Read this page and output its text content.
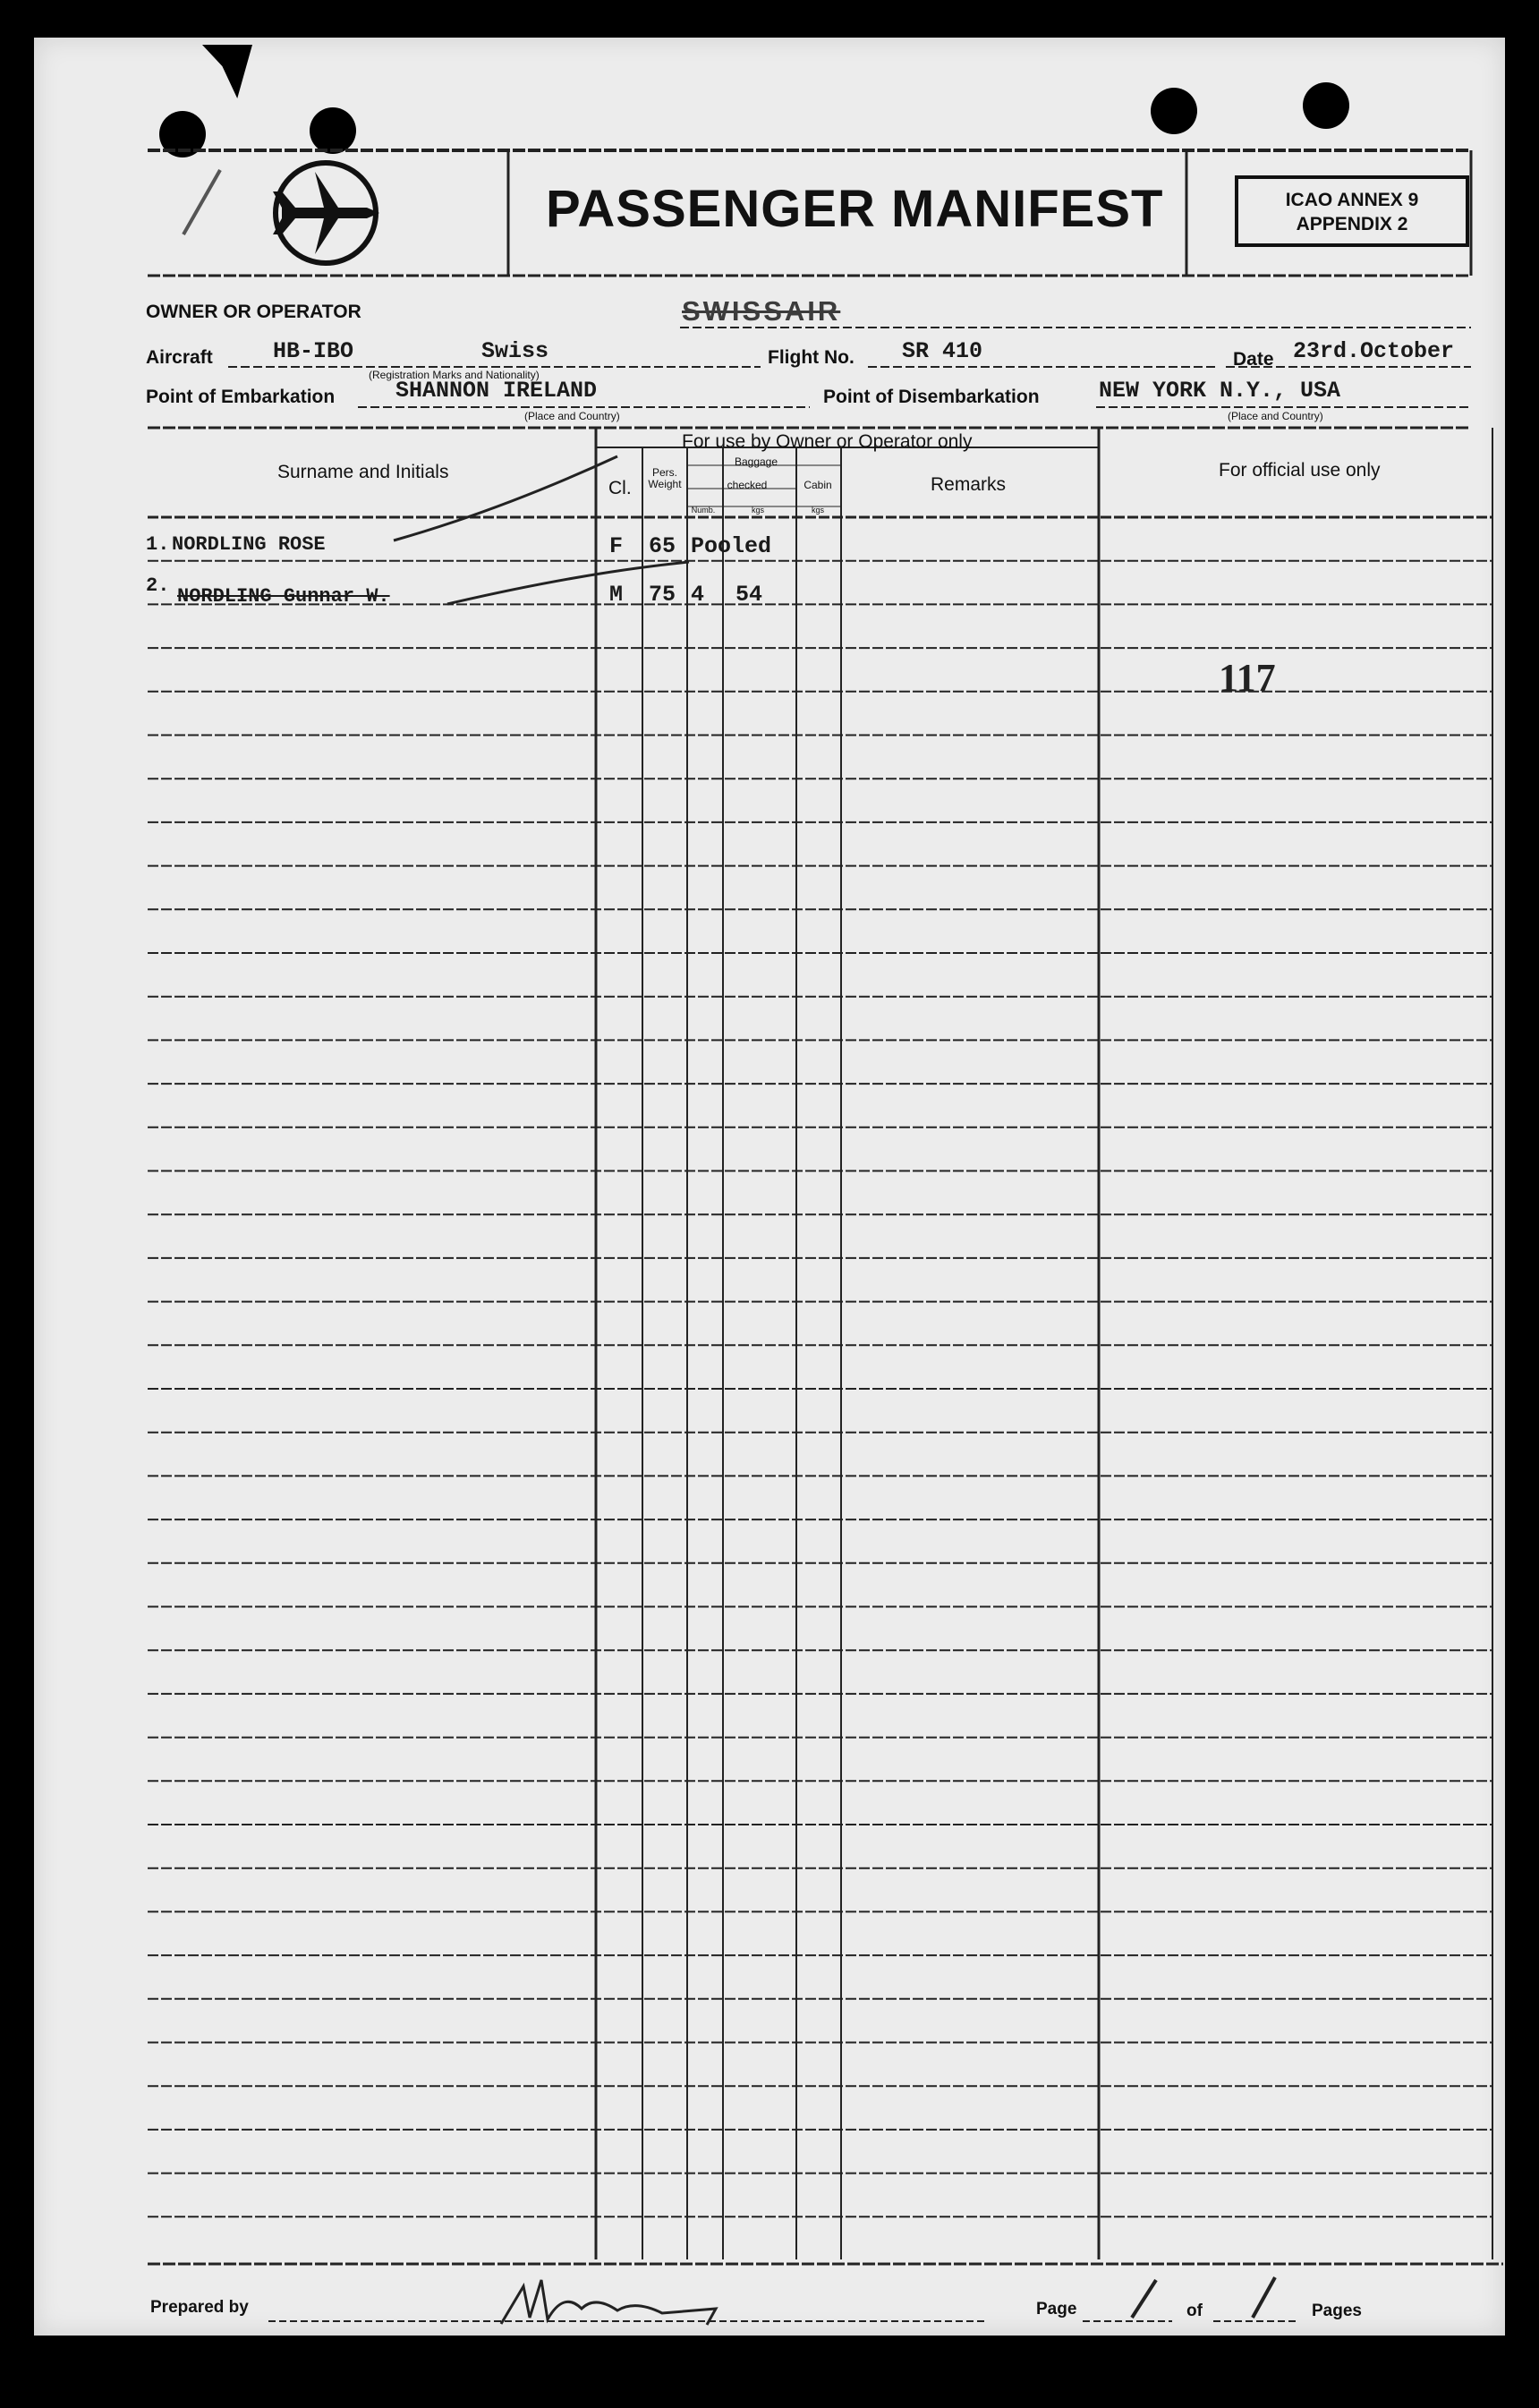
PASSENGER MANIFEST	ICAO ANNEX 9
APPENDIX 2
OWNER OR OPERATOR	SWISSAIR
Aircraft	HB-IBO	Swiss
(Registration Marks and Nationality)
Flight No. SR 410	Date 23rd.October
Point of Embarkation	SHANNON IRELAND
(Place and Country)
Point of Disembarkation	NEW YORK N.Y., USA
(Place and Country)
Surname and Initials
For use by Owner or Operator only
Cl.
Pers. Weight
Baggage
checked	Cabin
Numb.	kgs	kgs
Remarks
For official use only
117
1. NORDLING ROSE	F 65 Pooled
2. NORDLING Gunnar W.	M 75 4 54
Prepared by	Page	of	Pages
